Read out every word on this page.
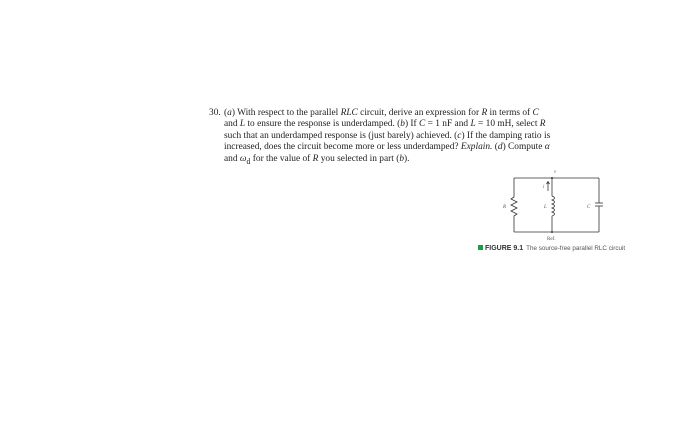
30. (a) With respect to the parallel RLC circuit, derive an expression for R in terms of C and L to ensure the response is underdamped. (b) If C = 1 nF and L = 10 mH, select R such that an underdamped response is (just barely) achieved. (c) If the damping ratio is increased, does the circuit become more or less underdamped? Explain. (d) Compute α and $\omega_d$ for the value of R you selected in part (b).
v
i
R	L	C
Ref.
FIGURE 9.1 The source-free parallel RLC circuit
